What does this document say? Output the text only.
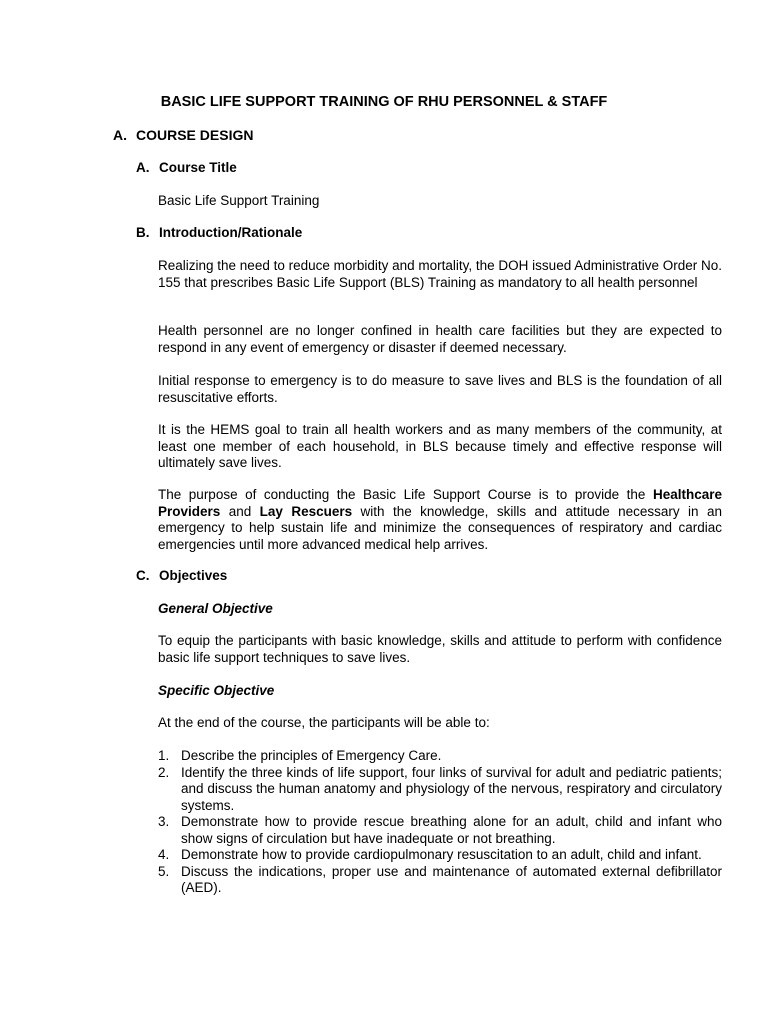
BASIC LIFE SUPPORT TRAINING OF RHU PERSONNEL & STAFF
A. COURSE DESIGN
A. Course Title
Basic Life Support Training
B. Introduction/Rationale
Realizing the need to reduce morbidity and mortality, the DOH issued Administrative Order No. 155 that prescribes Basic Life Support (BLS) Training as mandatory to all health personnel
Health personnel are no longer confined in health care facilities but they are expected to respond in any event of emergency or disaster if deemed necessary.
Initial response to emergency is to do measure to save lives and BLS is the foundation of all resuscitative efforts.
It is the HEMS goal to train all health workers and as many members of the community, at least one member of each household, in BLS because timely and effective response will ultimately save lives.
The purpose of conducting the Basic Life Support Course is to provide the Healthcare Providers and Lay Rescuers with the knowledge, skills and attitude necessary in an emergency to help sustain life and minimize the consequences of respiratory and cardiac emergencies until more advanced medical help arrives.
C. Objectives
General Objective
To equip the participants with basic knowledge, skills and attitude to perform with confidence basic life support techniques to save lives.
Specific Objective
At the end of the course, the participants will be able to:
1. Describe the principles of Emergency Care.
2. Identify the three kinds of life support, four links of survival for adult and pediatric patients; and discuss the human anatomy and physiology of the nervous, respiratory and circulatory systems.
3. Demonstrate how to provide rescue breathing alone for an adult, child and infant who show signs of circulation but have inadequate or not breathing.
4. Demonstrate how to provide cardiopulmonary resuscitation to an adult, child and infant.
5. Discuss the indications, proper use and maintenance of automated external defibrillator (AED).
